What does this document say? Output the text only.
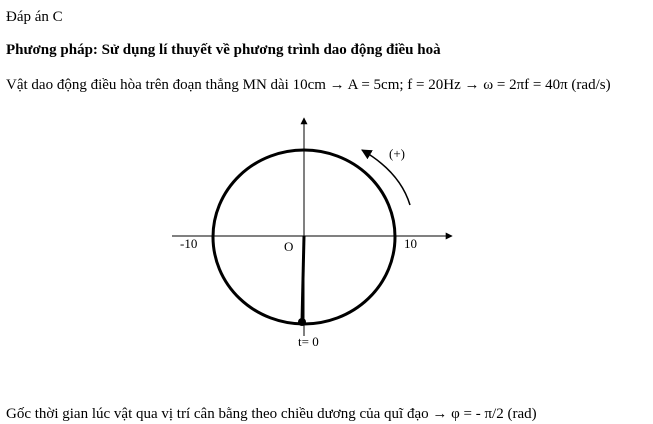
Đáp án C
Phương pháp: Sử dụng lí thuyết về phương trình dao động điều hoà
Vật dao động điều hòa trên đoạn thẳng MN dài 10cm → A = 5cm; f = 20Hz → ω = 2πf = 40π (rad/s)
-10	10
O
(+)
t= 0
Gốc thời gian lúc vật qua vị trí cân bằng theo chiều dương của quĩ đạo → φ = - π/2 (rad)
